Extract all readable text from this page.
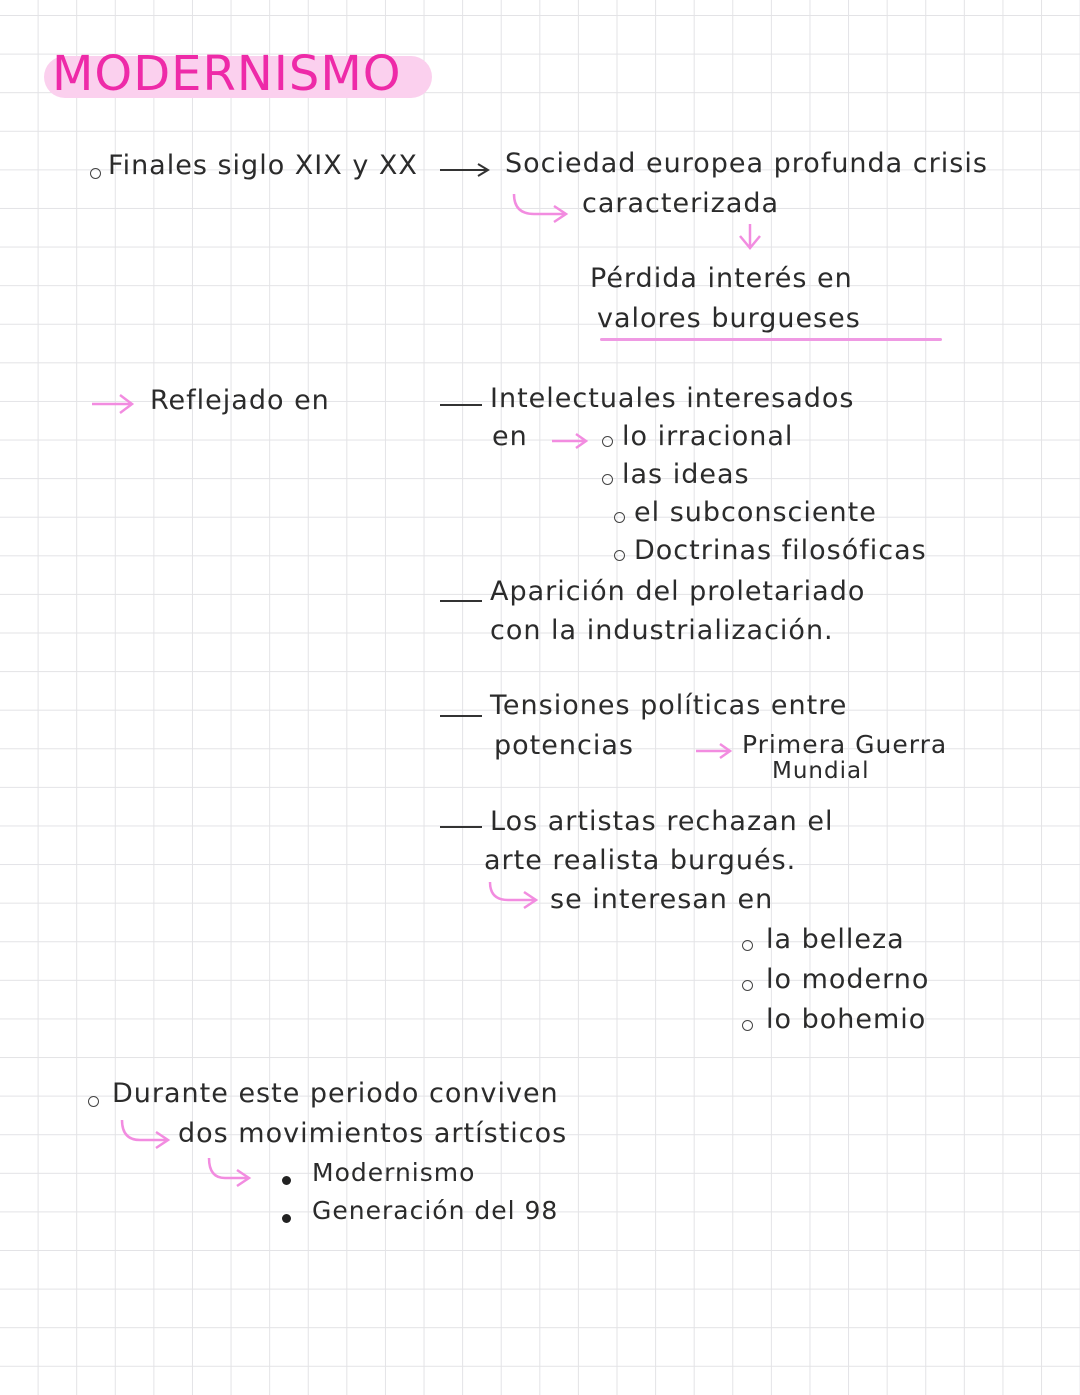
MODERNISMO
Finales siglo XIX y XX	Sociedad europea profunda crisis
caracterizada
Pérdida interés en
valores burgueses
Reflejado en	Intelectuales interesados
en	lo irracional
las ideas
el subconsciente
Doctrinas filosóficas
Aparición del proletariado
con la industrialización.
Tensiones políticas entre
potencias	Primera Guerra
Mundial
Los artistas rechazan el
arte realista burgués.
se interesan en
la belleza
lo moderno
lo bohemio
Durante este periodo conviven
dos movimientos artísticos
Modernismo
Generación del 98
